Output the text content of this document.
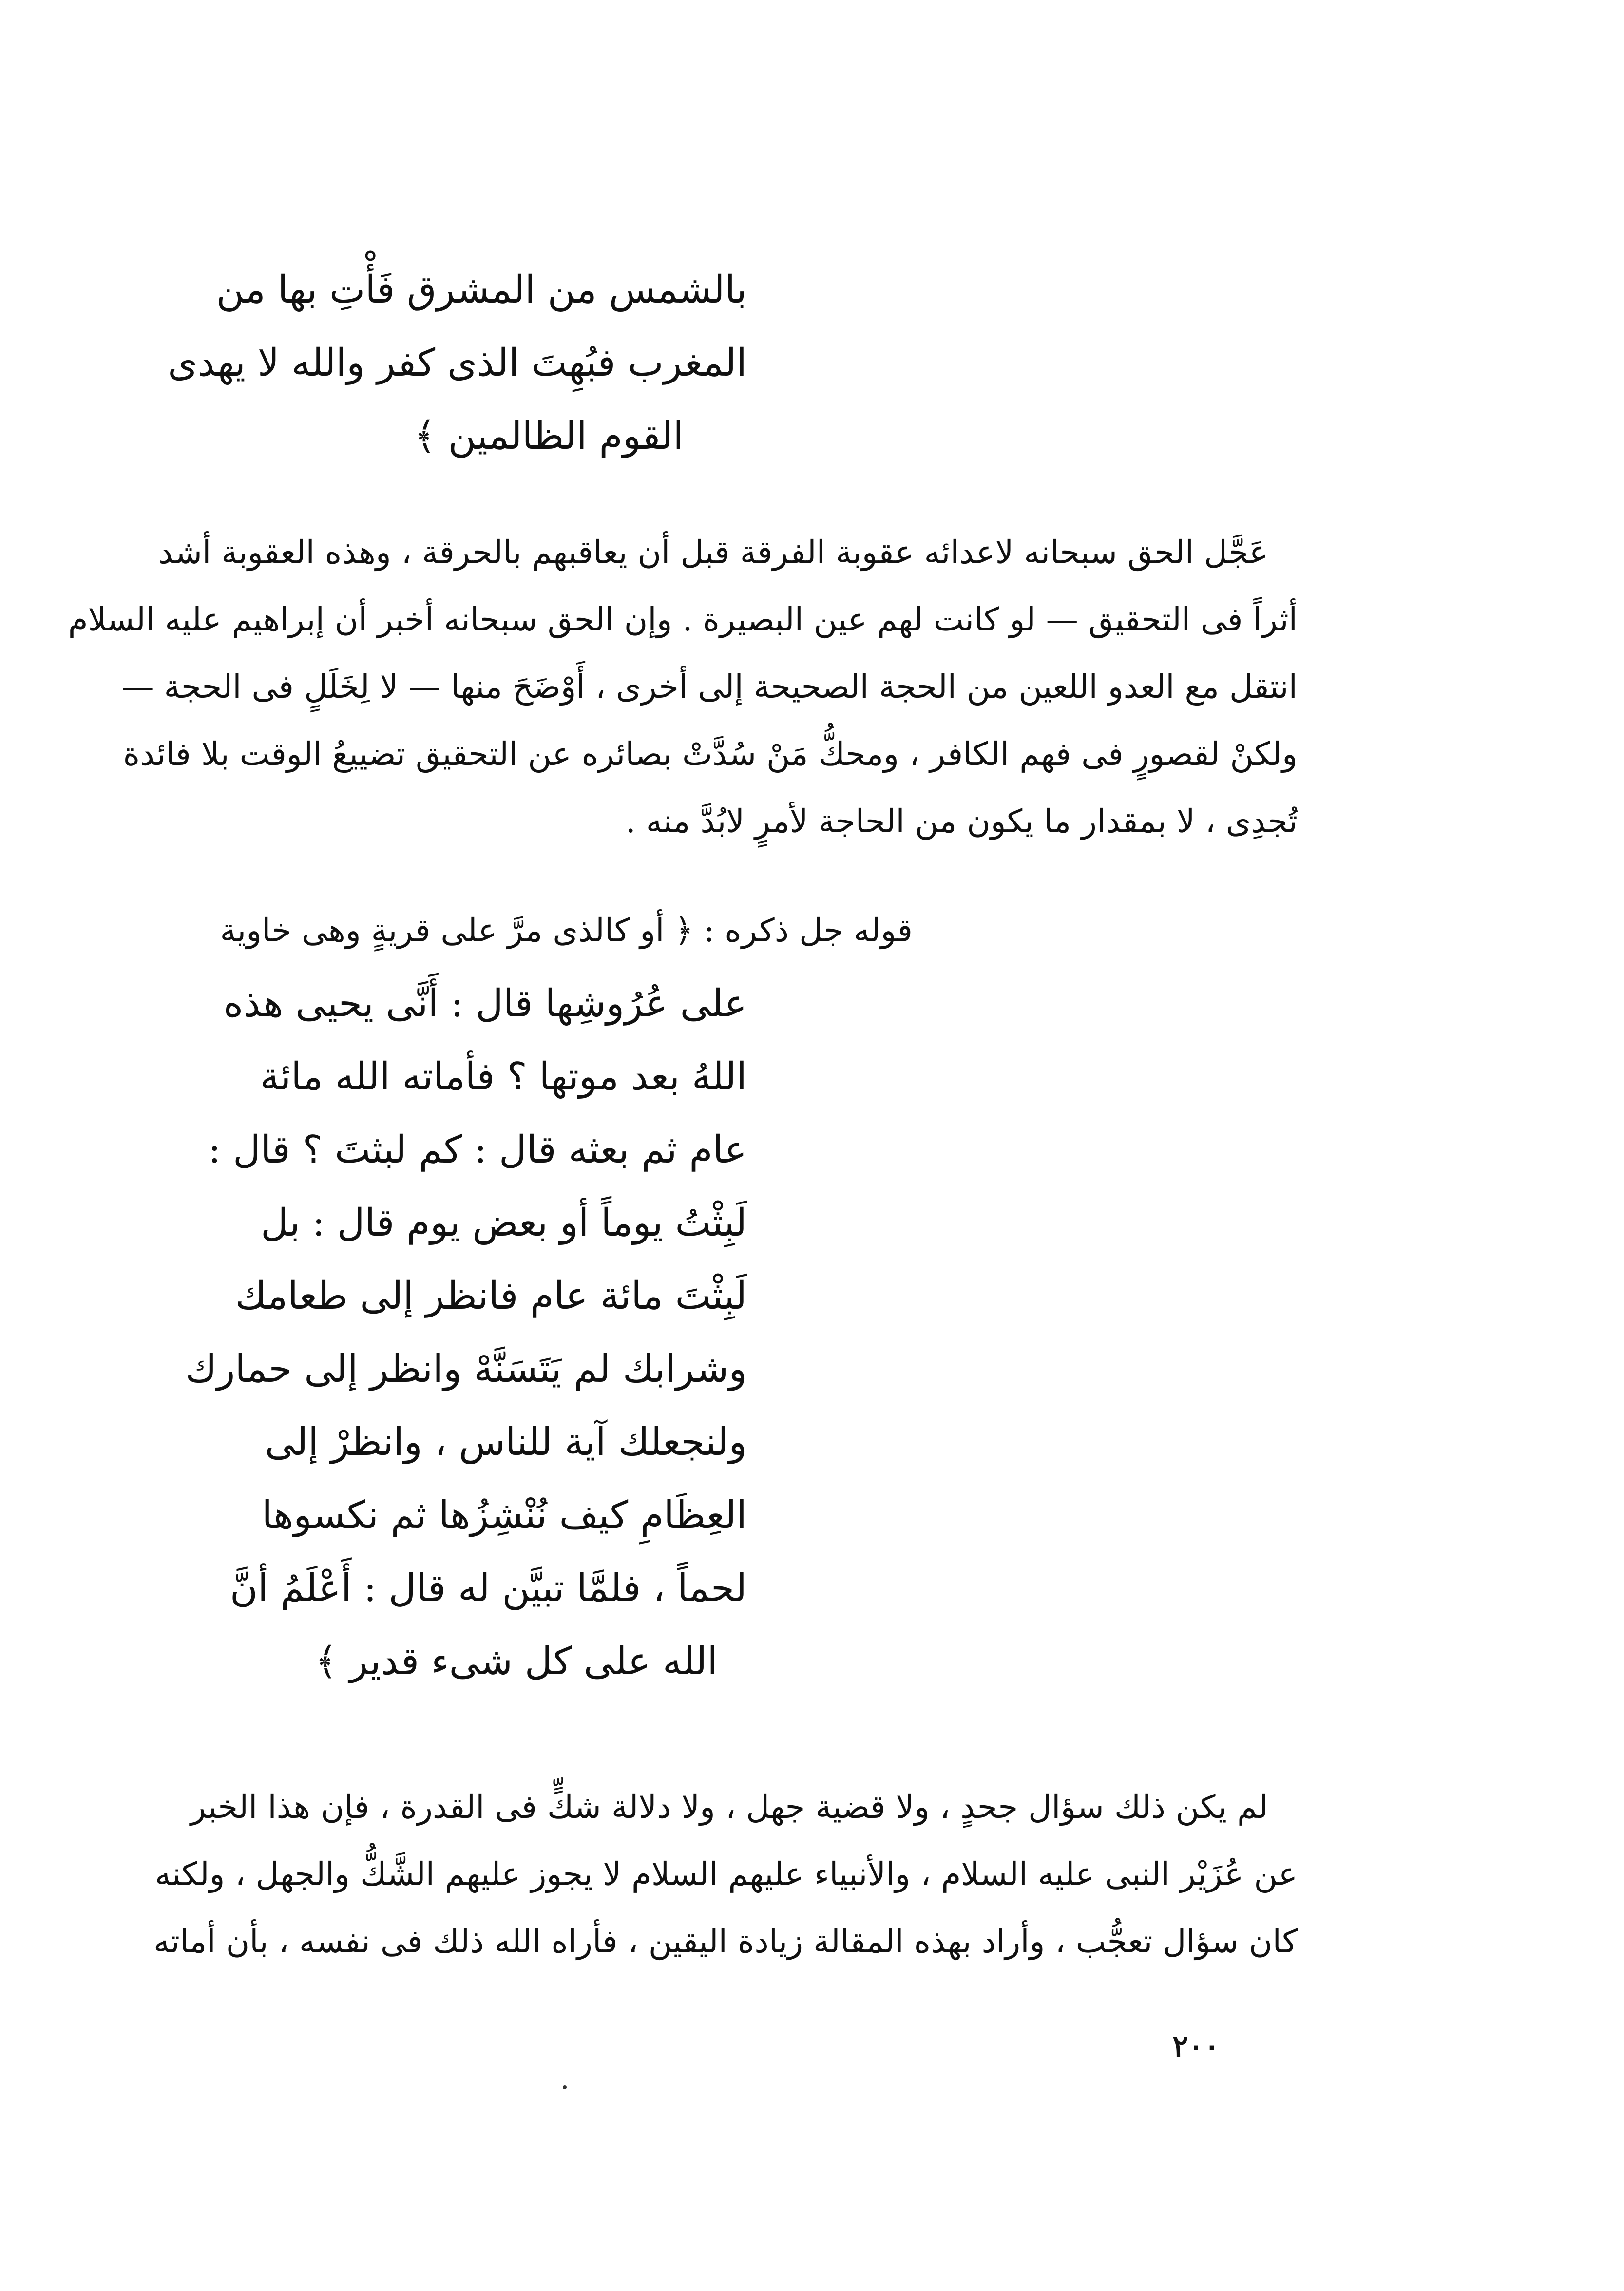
بالشمس من المشرق فَأْتِ بها من
المغرب فبُهِتَ الذى كفر والله لا يهدى
القوم الظالمين ﴾
عَجَّل الحق سبحانه لاعدائه عقوبة الفرقة قبل أن يعاقبهم بالحرقة ، وهذه العقوبة أشد
أثراً فى التحقيق — لو كانت لهم عين البصيرة . وإن الحق سبحانه أخبر أن إبراهيم عليه السلام
انتقل مع العدو اللعين من الحجة الصحيحة إلى أخرى ، أَوْضَحَ منها — لا لِخَلَلٍ فى الحجة —
ولكنْ لقصورٍ فى فهم الكافر ، ومحكُّ مَنْ سُدَّتْ بصائره عن التحقيق تضييعُ الوقت بلا فائدة
تُجدِى ، لا بمقدار ما يكون من الحاجة لأمرٍ لابُدَّ منه .
قوله جل ذكره : ﴿ أو كالذى مرَّ على قريةٍ وهى خاوية
على عُرُوشِها قال : أَنَّى يحيى هذه
اللهُ بعد موتها ؟ فأماته الله مائة
عام ثم بعثه قال : كم لبثتَ ؟ قال :
لَبِثْتُ يوماً أو بعض يوم قال : بل
لَبِثْتَ مائة عام فانظر إلى طعامك
وشرابك لم يَتَسَنَّهْ وانظر إلى حمارك
ولنجعلك آية للناس ، وانظرْ إلى
العِظَامِ كيف نُنْشِزُها ثم نكسوها
لحماً ، فلمَّا تبيَّن له قال : أَعْلَمُ أنَّ
الله على كل شىء قدير ﴾
لم يكن ذلك سؤال جحدٍ ، ولا قضية جهل ، ولا دلالة شكٍّ فى القدرة ، فإن هذا الخبر
عن عُزَيْر النبى عليه السلام ، والأنبياء عليهم السلام لا يجوز عليهم الشَّكُّ والجهل ، ولكنه
كان سؤال تعجُّب ، وأراد بهذه المقالة زيادة اليقين ، فأراه الله ذلك فى نفسه ، بأن أماته
٢٠٠
